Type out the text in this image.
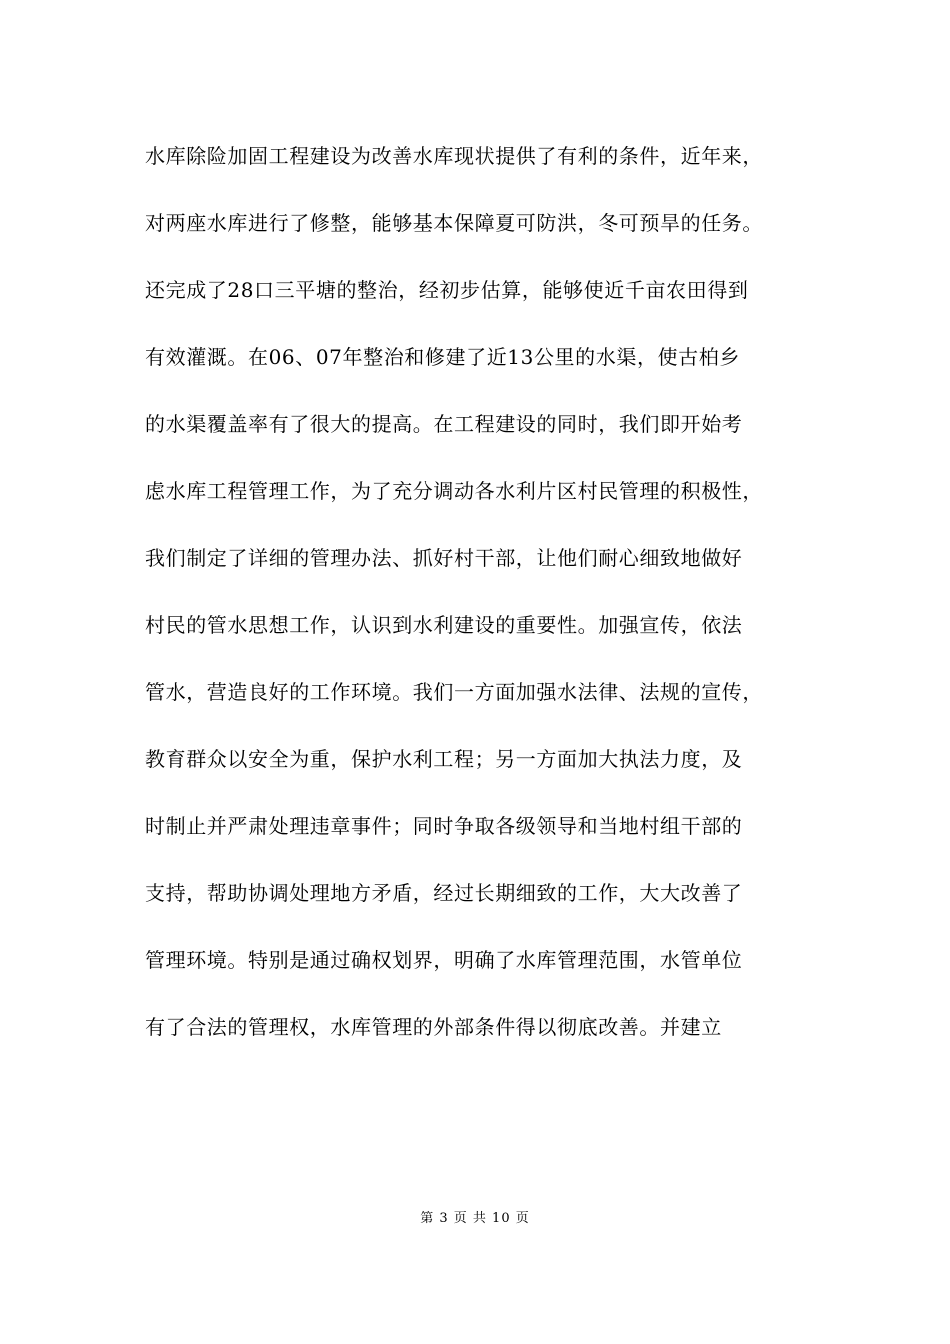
水库除险加固工程建设为改善水库现状提供了有利的条件，近年来，
对两座水库进行了修整，能够基本保障夏可防洪，冬可预旱的任务。
还完成了28口三平塘的整治，经初步估算，能够使近千亩农田得到
有效灌溉。在06、07年整治和修建了近13公里的水渠，使古柏乡
的水渠覆盖率有了很大的提高。在工程建设的同时，我们即开始考
虑水库工程管理工作，为了充分调动各水利片区村民管理的积极性，
我们制定了详细的管理办法、抓好村干部，让他们耐心细致地做好
村民的管水思想工作，认识到水利建设的重要性。加强宣传，依法
管水，营造良好的工作环境。我们一方面加强水法律、法规的宣传，
教育群众以安全为重，保护水利工程；另一方面加大执法力度，及
时制止并严肃处理违章事件；同时争取各级领导和当地村组干部的
支持，帮助协调处理地方矛盾，经过长期细致的工作，大大改善了
管理环境。特别是通过确权划界，明确了水库管理范围，水管单位
有了合法的管理权，水库管理的外部条件得以彻底改善。并建立
第 3 页 共 10 页
